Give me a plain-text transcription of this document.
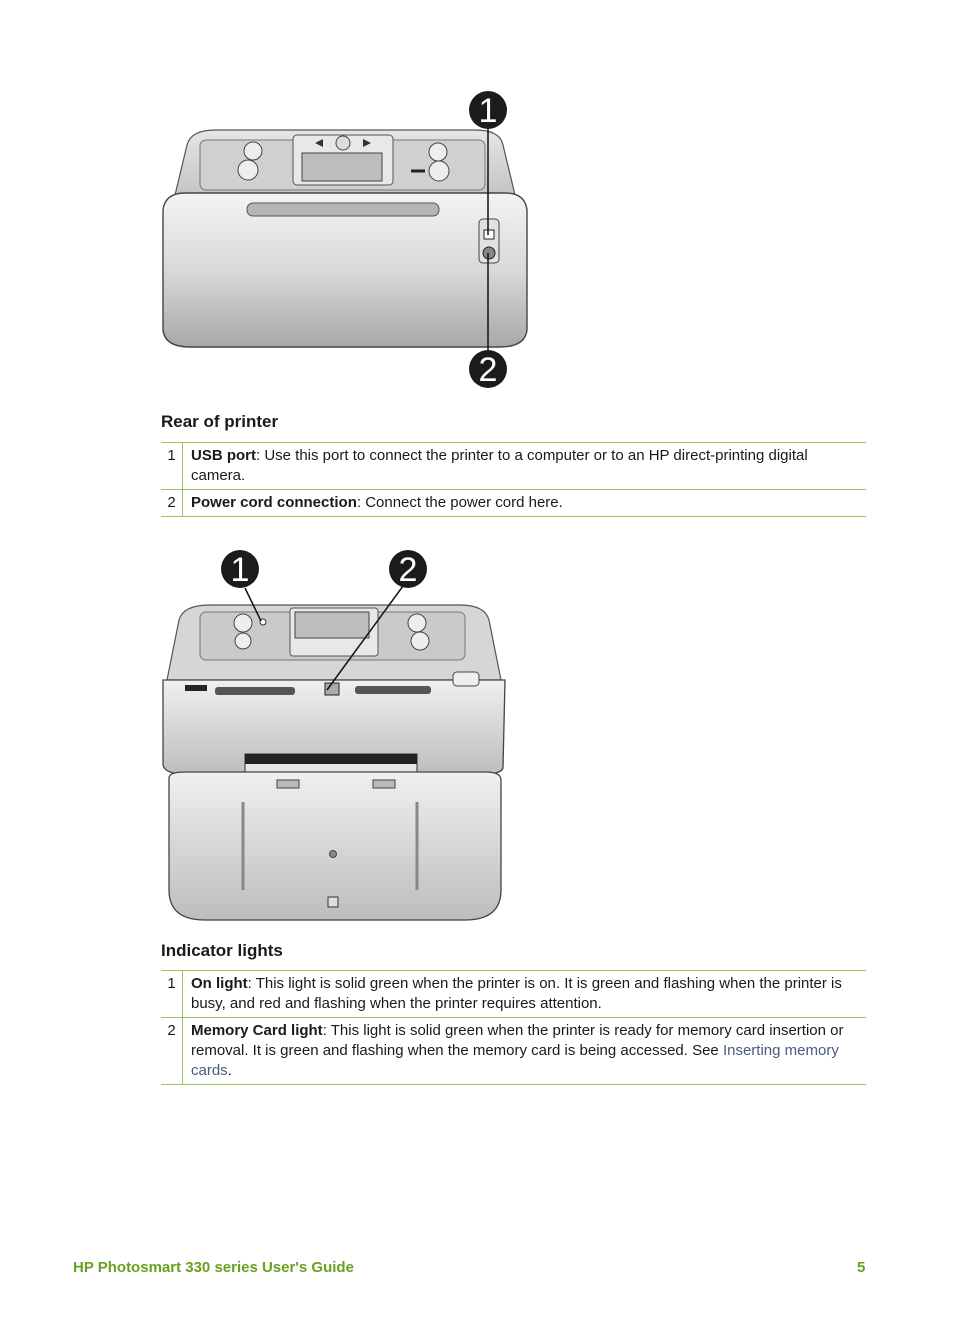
1
2
Rear of printer
1	USB port: Use this port to connect the printer to a computer or to an HP direct-printing digital camera.
2	Power cord connection: Connect the power cord here.
1	2
Indicator lights
1	On light: This light is solid green when the printer is on. It is green and flashing when the printer is busy, and red and flashing when the printer requires attention.
2	Memory Card light: This light is solid green when the printer is ready for memory card insertion or removal. It is green and flashing when the memory card is being accessed. See Inserting memory cards.
HP Photosmart 330 series User's Guide	5
